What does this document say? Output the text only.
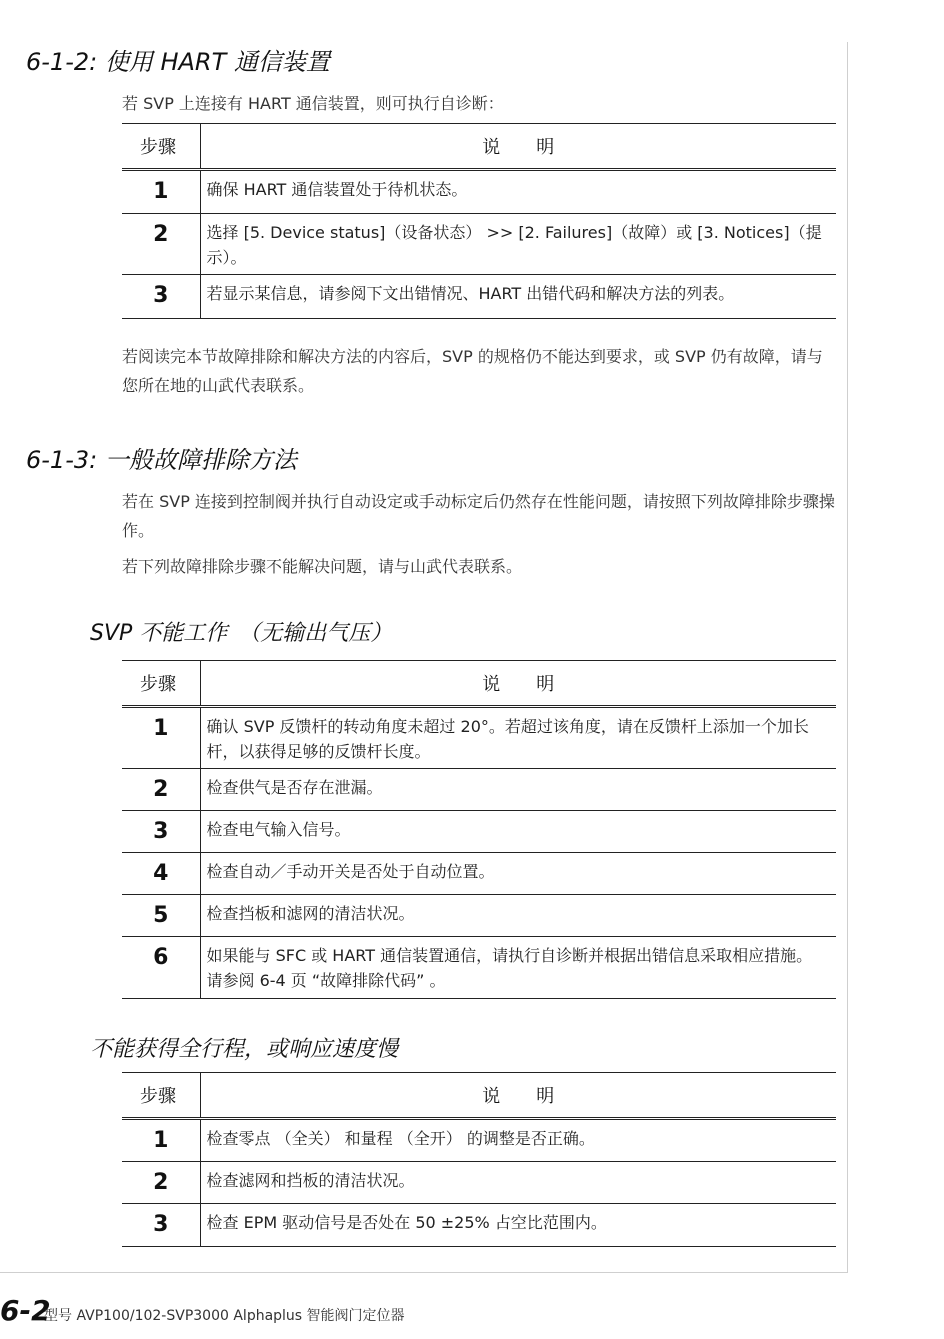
6-1-2: 使用 HART 通信装置

若 SVP 上连接有 HART 通信装置，则可执行自诊断：

步骤	说　　明
1	确保 HART 通信装置处于待机状态。
2	选择 [5. Device status]（设备状态） >> [2. Failures]（故障）或 [3. Notices]（提示）。
3	若显示某信息，请参阅下文出错情况、HART 出错代码和解决方法的列表。

若阅读完本节故障排除和解决方法的内容后，SVP 的规格仍不能达到要求，或 SVP 仍有故障，请与您所在地的山武代表联系。

6-1-3: 一般故障排除方法

若在 SVP 连接到控制阀并执行自动设定或手动标定后仍然存在性能问题，请按照下列故障排除步骤操作。

若下列故障排除步骤不能解决问题，请与山武代表联系。

SVP 不能工作　（无输出气压）
步骤	说　　明
1	确认 SVP 反馈杆的转动角度未超过 20°。若超过该角度，请在反馈杆上添加一个加长杆，以获得足够的反馈杆长度。
2	检查供气是否存在泄漏。
3	检查电气输入信号。
4	检查自动／手动开关是否处于自动位置。
5	检查挡板和滤网的清洁状况。
6	如果能与 SFC 或 HART 通信装置通信，请执行自诊断并根据出错信息采取相应措施。请参阅 6-4 页 “故障排除代码” 。
不能获得全行程，或响应速度慢
步骤	说　　明
1	检查零点 （全关） 和量程 （全开） 的调整是否正确。
2	检查滤网和挡板的清洁状况。
3	检查 EPM 驱动信号是否处在 50 ±25% 占空比范围内。

6-2

型号 AVP100/102-SVP3000 Alphaplus 智能阀门定位器
